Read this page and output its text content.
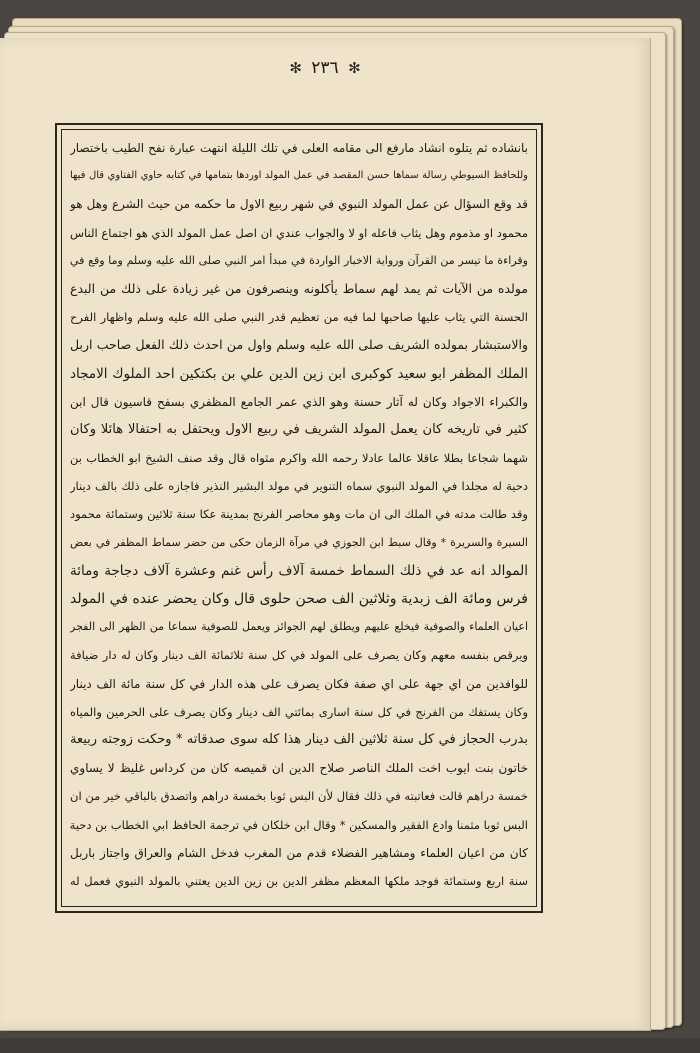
✻ ٢٣٦ ✻
بانشاده ثم يتلوه انشاد مارفع الى مقامه العلى في تلك الليلة انتهت عبارة نفح الطيب باختصار
وللحافظ السيوطي رسالة سماها حسن المقصد في عمل المولد اوردها بتمامها في كتابه حاوي الفتاوي قال فيها
قد وقع السؤال عن عمل المولد النبوي في شهر ربيع الاول ما حكمه من حيث الشرع وهل هو
محمود او مذموم وهل يثاب فاعله او لا والجواب عندي ان اصل عمل المولد الذي هو اجتماع الناس
وقراءة ما تيسر من القرآن ورواية الاخبار الواردة في مبدأ امر النبي صلى الله عليه وسلم وما وقع في
مولده من الآيات ثم يمد لهم سماط يأكلونه وينصرفون من غير زيادة على ذلك من البدع
الحسنة التي يثاب عليها صاحبها لما فيه من تعظيم قدر النبي صلى الله عليه وسلم واظهار الفرح
والاستبشار بمولده الشريف صلى الله عليه وسلم واول من احدث ذلك الفعل صاحب اربل
الملك المظفر ابو سعيد كوكبرى ابن زين الدين علي بن بكتكين احد الملوك الامجاد
والكبراء الاجواد وكان له آثار حسنة وهو الذي عمر الجامع المظفري بسفح قاسيون قال ابن
كثير في تاريخه كان يعمل المولد الشريف في ربيع الاول ويحتفل به احتفالا هائلا وكان
شهما شجاعا بطلا عاقلا عالما عادلا رحمه الله واكرم مثواه قال وقد صنف الشيخ ابو الخطاب بن
دحية له مجلدا في المولد النبوي سماه التنوير في مولد البشير النذير فاجازه على ذلك بالف دينار
وقد طالت مدته في الملك الى ان مات وهو محاصر الفرنج بمدينة عكا سنة ثلاثين وستمائة محمود
السيرة والسريرة * وقال سبط ابن الجوزي في مرآة الزمان حكى من حضر سماط المظفر في بعض
الموالد انه عد في ذلك السماط خمسة آلاف رأس غنم وعشرة آلاف دجاجة ومائة
فرس ومائة الف زبدية وثلاثين الف صحن حلوى قال وكان يحضر عنده في المولد
اعيان العلماء والصوفية فيخلع عليهم ويطلق لهم الجوائز ويعمل للصوفية سماعا من الظهر الى الفجر
ويرقص بنفسه معهم وكان يصرف على المولد في كل سنة ثلاثمائة الف دينار وكان له دار ضيافة
للوافدين من اي جهة على اي صفة فكان يصرف على هذه الدار في كل سنة مائة الف دينار
وكان يستفك من الفرنج في كل سنة اسارى بمائتي الف دينار وكان يصرف على الحرمين والمياه
بدرب الحجاز في كل سنة ثلاثين الف دينار هذا كله سوى صدقاته * وحكت زوجته ربيعة
خاتون بنت ايوب اخت الملك الناصر صلاح الدين ان قميصه كان من كرداس غليظ لا يساوي
خمسة دراهم قالت فعاتبته في ذلك فقال لأن البس ثوبا بخمسة دراهم واتصدق بالباقي خير من ان
البس ثوبا مثمنا وادع الفقير والمسكين * وقال ابن خلكان في ترجمة الحافظ ابي الخطاب بن دحية
كان من اعيان العلماء ومشاهير الفضلاء قدم من المغرب فدخل الشام والعراق واجتاز باربل
سنة اربع وستمائة فوجد ملكها المعظم مظفر الدين بن زين الدين يعتني بالمولد النبوي فعمل له
